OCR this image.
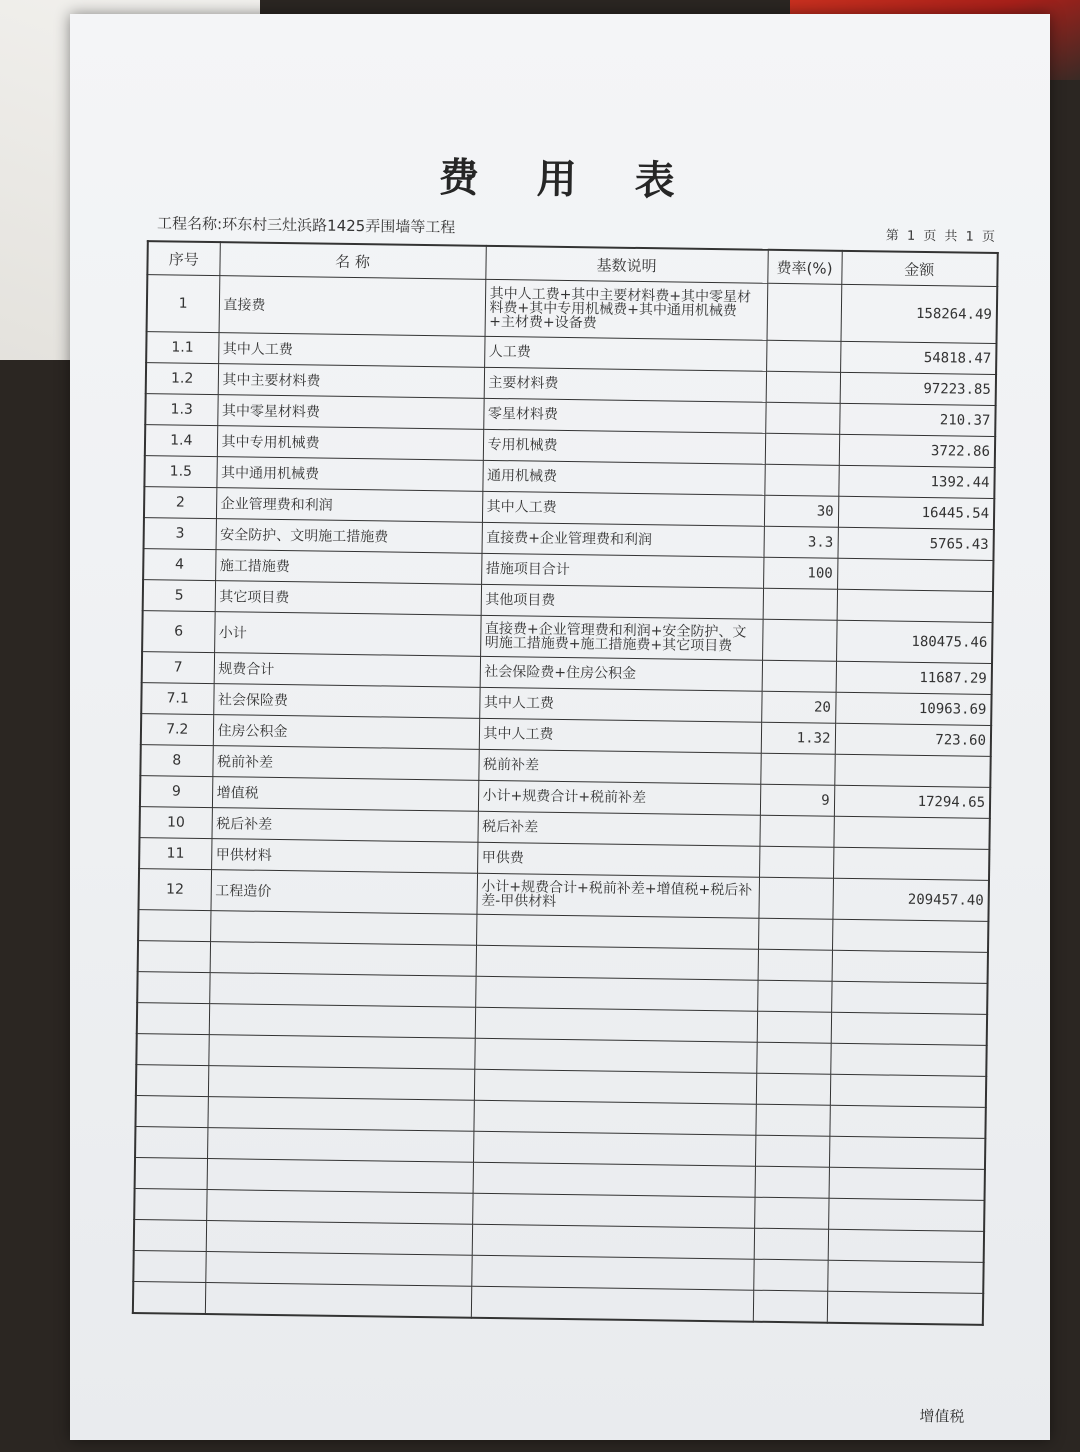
费 用 表
工程名称:环东村三灶浜路1425弄围墙等工程
第 1 页 共 1 页
序号	名 称	基数说明	费率(%)	金额
1	直接费	其中人工费+其中主要材料费+其中零星材料费+其中专用机械费+其中通用机械费+主材费+设备费		158264.49
1.1	其中人工费	人工费		54818.47
1.2	其中主要材料费	主要材料费		97223.85
1.3	其中零星材料费	零星材料费		210.37
1.4	其中专用机械费	专用机械费		3722.86
1.5	其中通用机械费	通用机械费		1392.44
2	企业管理费和利润	其中人工费	30	16445.54
3	安全防护、文明施工措施费	直接费+企业管理费和利润	3.3	5765.43
4	施工措施费	措施项目合计	100	
5	其它项目费	其他项目费		
6	小计	直接费+企业管理费和利润+安全防护、文明施工措施费+施工措施费+其它项目费		180475.46
7	规费合计	社会保险费+住房公积金		11687.29
7.1	社会保险费	其中人工费	20	10963.69
7.2	住房公积金	其中人工费	1.32	723.60
8	税前补差	税前补差		
9	增值税	小计+规费合计+税前补差	9	17294.65
10	税后补差	税后补差		
11	甲供材料	甲供费		
12	工程造价	小计+规费合计+税前补差+增值税+税后补差-甲供材料		209457.40

增值税
